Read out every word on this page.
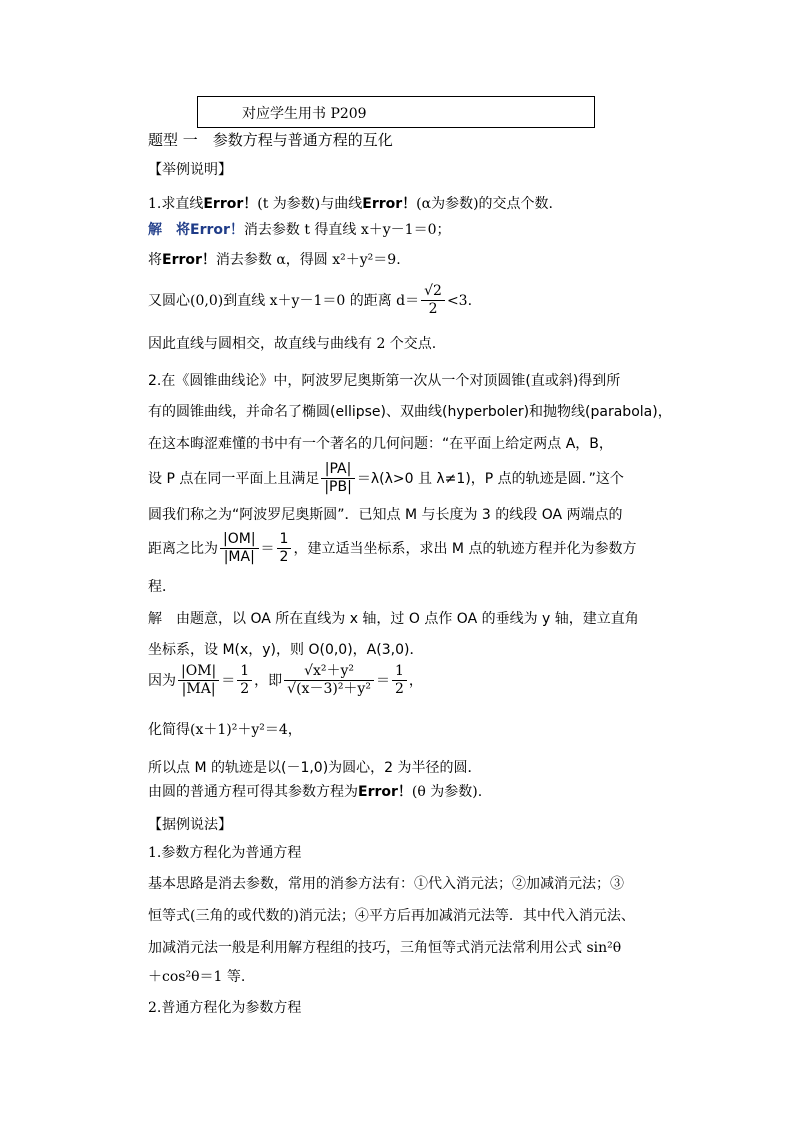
对应学生用书 P209
题型 一　参数方程与普通方程的互化
【举例说明】
1.求直线Error！(t 为参数)与曲线Error！(α为参数)的交点个数.
解　将Error！消去参数 t 得直线 x＋y－1＝0；
将Error！消去参数 α，得圆 x²＋y²＝9.
又圆心(0,0)到直线 x＋y－1＝0 的距离 $d= \frac{√2}{2} <3$.
因此直线与圆相交，故直线与曲线有 2 个交点.
2.在《圆锥曲线论》中，阿波罗尼奥斯第一次从一个对顶圆锥(直或斜)得到所
有的圆锥曲线，并命名了椭圆(ellipse)、双曲线(hyperboler)和抛物线(parabola)，
在这本晦涩难懂的书中有一个著名的几何问题：“在平面上给定两点 A，B，
设 P 点在同一平面上且满足 $\frac{|PA|}{|PB|} =\lambda(\lambda>0$ 且 λ≠1)，P 点的轨迹是圆．”这个
圆我们称之为“阿波罗尼奥斯圆”．已知点 M 与长度为 3 的线段 OA 两端点的
距离之比为 $\frac{|OM|}{|MA|} = \frac{1}{2}$ ，建立适当坐标系，求出 M 点的轨迹方程并化为参数方
程．
解　由题意，以 OA 所在直线为 x 轴，过 O 点作 OA 的垂线为 y 轴，建立直角
坐标系，设 M(x，y)，则 O(0,0)，A(3,0)．
因为 $\frac{|OM|}{|MA|} = \frac{1}{2}$ ，即 $\frac{\text{√x²＋y²}}{\text{√(x－3)²＋y²}} = \frac{1}{2}$ ，
化简得(x＋1)²＋y²＝4，
所以点 M 的轨迹是以(－1,0)为圆心，2 为半径的圆．
由圆的普通方程可得其参数方程为Error！(θ 为参数).
【据例说法】
1.参数方程化为普通方程
基本思路是消去参数，常用的消参方法有：①代入消元法；②加减消元法；③
恒等式(三角的或代数的)消元法；④平方后再加减消元法等．其中代入消元法、
加减消元法一般是利用解方程组的技巧，三角恒等式消元法常利用公式 sin²θ
＋cos²θ＝1 等.
2.普通方程化为参数方程
